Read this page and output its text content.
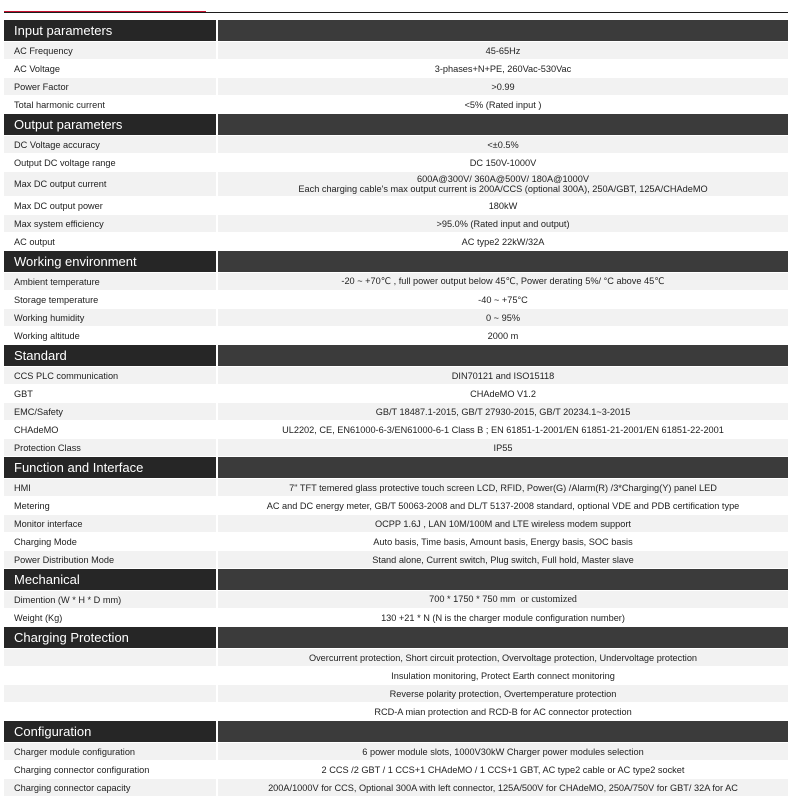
Input parameters
AC Frequency	45-65Hz
AC Voltage	3-phases+N+PE, 260Vac-530Vac
Power Factor	>0.99
Total harmonic current	<5% (Rated input )
Output parameters
DC Voltage accuracy	<±0.5%
Output DC voltage range	DC 150V-1000V
Max DC output current	600A@300V/ 360A@500V/ 180A@1000V
Each charging cable's max output current is 200A/CCS (optional 300A), 250A/GBT, 125A/CHAdeMO
Max DC output power	180kW
Max system efficiency	>95.0% (Rated input and output)
AC output	AC type2 22kW/32A
Working environment
Ambient temperature	-20 ~ +70℃ , full power output below 45℃, Power derating 5%/ °C above 45℃
Storage temperature	-40 ~ +75°C
Working humidity	0 ~ 95%
Working altitude	2000 m
Standard
CCS PLC communication	DIN70121 and ISO15118
GBT	CHAdeMO V1.2
EMC/Safety	GB/T 18487.1-2015, GB/T 27930-2015, GB/T 20234.1~3-2015
CHAdeMO	UL2202, CE, EN61000-6-3/EN61000-6-1 Class B ; EN 61851-1-2001/EN 61851-21-2001/EN 61851-22-2001
Protection Class	IP55
Function and Interface
HMI	7" TFT temered glass protective touch screen LCD, RFID, Power(G) /Alarm(R) /3*Charging(Y) panel LED
Metering	AC and DC energy meter, GB/T 50063-2008 and DL/T 5137-2008 standard, optional VDE and PDB certification type
Monitor interface	OCPP 1.6J , LAN 10M/100M and LTE wireless modem support
Charging Mode	Auto basis, Time basis, Amount basis, Energy basis, SOC basis
Power Distribution Mode	Stand alone, Current switch, Plug switch, Full hold, Master slave
Mechanical
Dimention (W * H * D mm)	700 * 1750 * 750 mm or customized
Weight (Kg)	130 +21 * N (N is the charger module configuration number)
Charging Protection
Overcurrent protection, Short circuit protection, Overvoltage protection, Undervoltage protection
Insulation monitoring, Protect Earth connect monitoring
Reverse polarity protection, Overtemperature protection
RCD-A mian protection and RCD-B for AC connector protection
Configuration
Charger module configuration	6 power module slots, 1000V30kW Charger power modules selection
Charging connector configuration	2 CCS /2 GBT / 1 CCS+1 CHAdeMO / 1 CCS+1 GBT, AC type2 cable or AC type2 socket
Charging connector capacity	200A/1000V for CCS, Optional 300A with left connector, 125A/500V for CHAdeMO, 250A/750V for GBT/ 32A for AC
